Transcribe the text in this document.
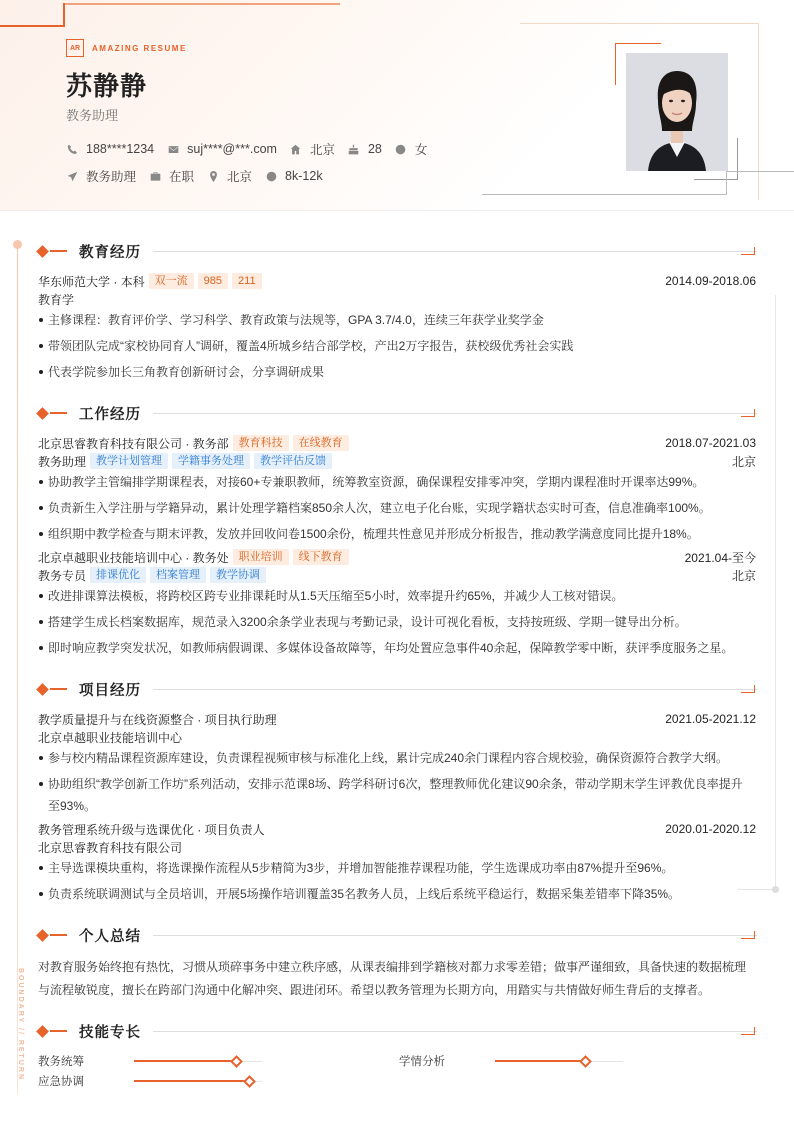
AR	AMAZING RESUME
苏静静
教务助理
188****1234	suj****@***.com	北京	28	女
教务助理	在职	北京	8k-12k
BOUNDARY // RETURN
教育经历
华东师范大学 · 本科 双一流	985	211	2014.09-2018.06
教育学
主修课程：教育评价学、学习科学、教育政策与法规等，GPA 3.7/4.0，连续三年获学业奖学金
带领团队完成“家校协同育人”调研，覆盖4所城乡结合部学校，产出2万字报告，获校级优秀社会实践
代表学院参加长三角教育创新研讨会，分享调研成果
工作经历
北京思睿教育科技有限公司 · 教务部 教育科技	在线教育	2018.07-2021.03
教务助理 教学计划管理	学籍事务处理	教学评估反馈	北京
协助教学主管编排学期课程表，对接60+专兼职教师，统筹教室资源，确保课程安排零冲突，学期内课程准时开课率达99%。
负责新生入学注册与学籍异动，累计处理学籍档案850余人次，建立电子化台账，实现学籍状态实时可查，信息准确率100%。
组织期中教学检查与期末评教，发放并回收问卷1500余份，梳理共性意见并形成分析报告，推动教学满意度同比提升18%。
北京卓越职业技能培训中心 · 教务处 职业培训	线下教育	2021.04-至今
教务专员 排课优化	档案管理	教学协调	北京
改进排课算法模板，将跨校区跨专业排课耗时从1.5天压缩至5小时，效率提升约65%，并减少人工核对错误。
搭建学生成长档案数据库，规范录入3200余条学业表现与考勤记录，设计可视化看板，支持按班级、学期一键导出分析。
即时响应教学突发状况，如教师病假调课、多媒体设备故障等，年均处置应急事件40余起，保障教学零中断，获评季度服务之星。
项目经历
教学质量提升与在线资源整合 · 项目执行助理	2021.05-2021.12
北京卓越职业技能培训中心
参与校内精品课程资源库建设，负责课程视频审核与标准化上线，累计完成240余门课程内容合规校验，确保资源符合教学大纲。
协助组织“教学创新工作坊”系列活动，安排示范课8场、跨学科研讨6次，整理教师优化建议90余条，带动学期末学生评教优良率提升至93%。
教务管理系统升级与选课优化 · 项目负责人	2020.01-2020.12
北京思睿教育科技有限公司
主导选课模块重构，将选课操作流程从5步精简为3步，并增加智能推荐课程功能，学生选课成功率由87%提升至96%。
负责系统联调测试与全员培训，开展5场操作培训覆盖35名教务人员，上线后系统平稳运行，数据采集差错率下降35%。
个人总结
对教育服务始终抱有热忱，习惯从琐碎事务中建立秩序感，从课表编排到学籍核对都力求零差错；做事严谨细致，具备快速的数据梳理与流程敏锐度，擅长在跨部门沟通中化解冲突、跟进闭环。希望以教务管理为长期方向，用踏实与共情做好师生背后的支撑者。
技能专长
教务统筹	学情分析
应急协调
